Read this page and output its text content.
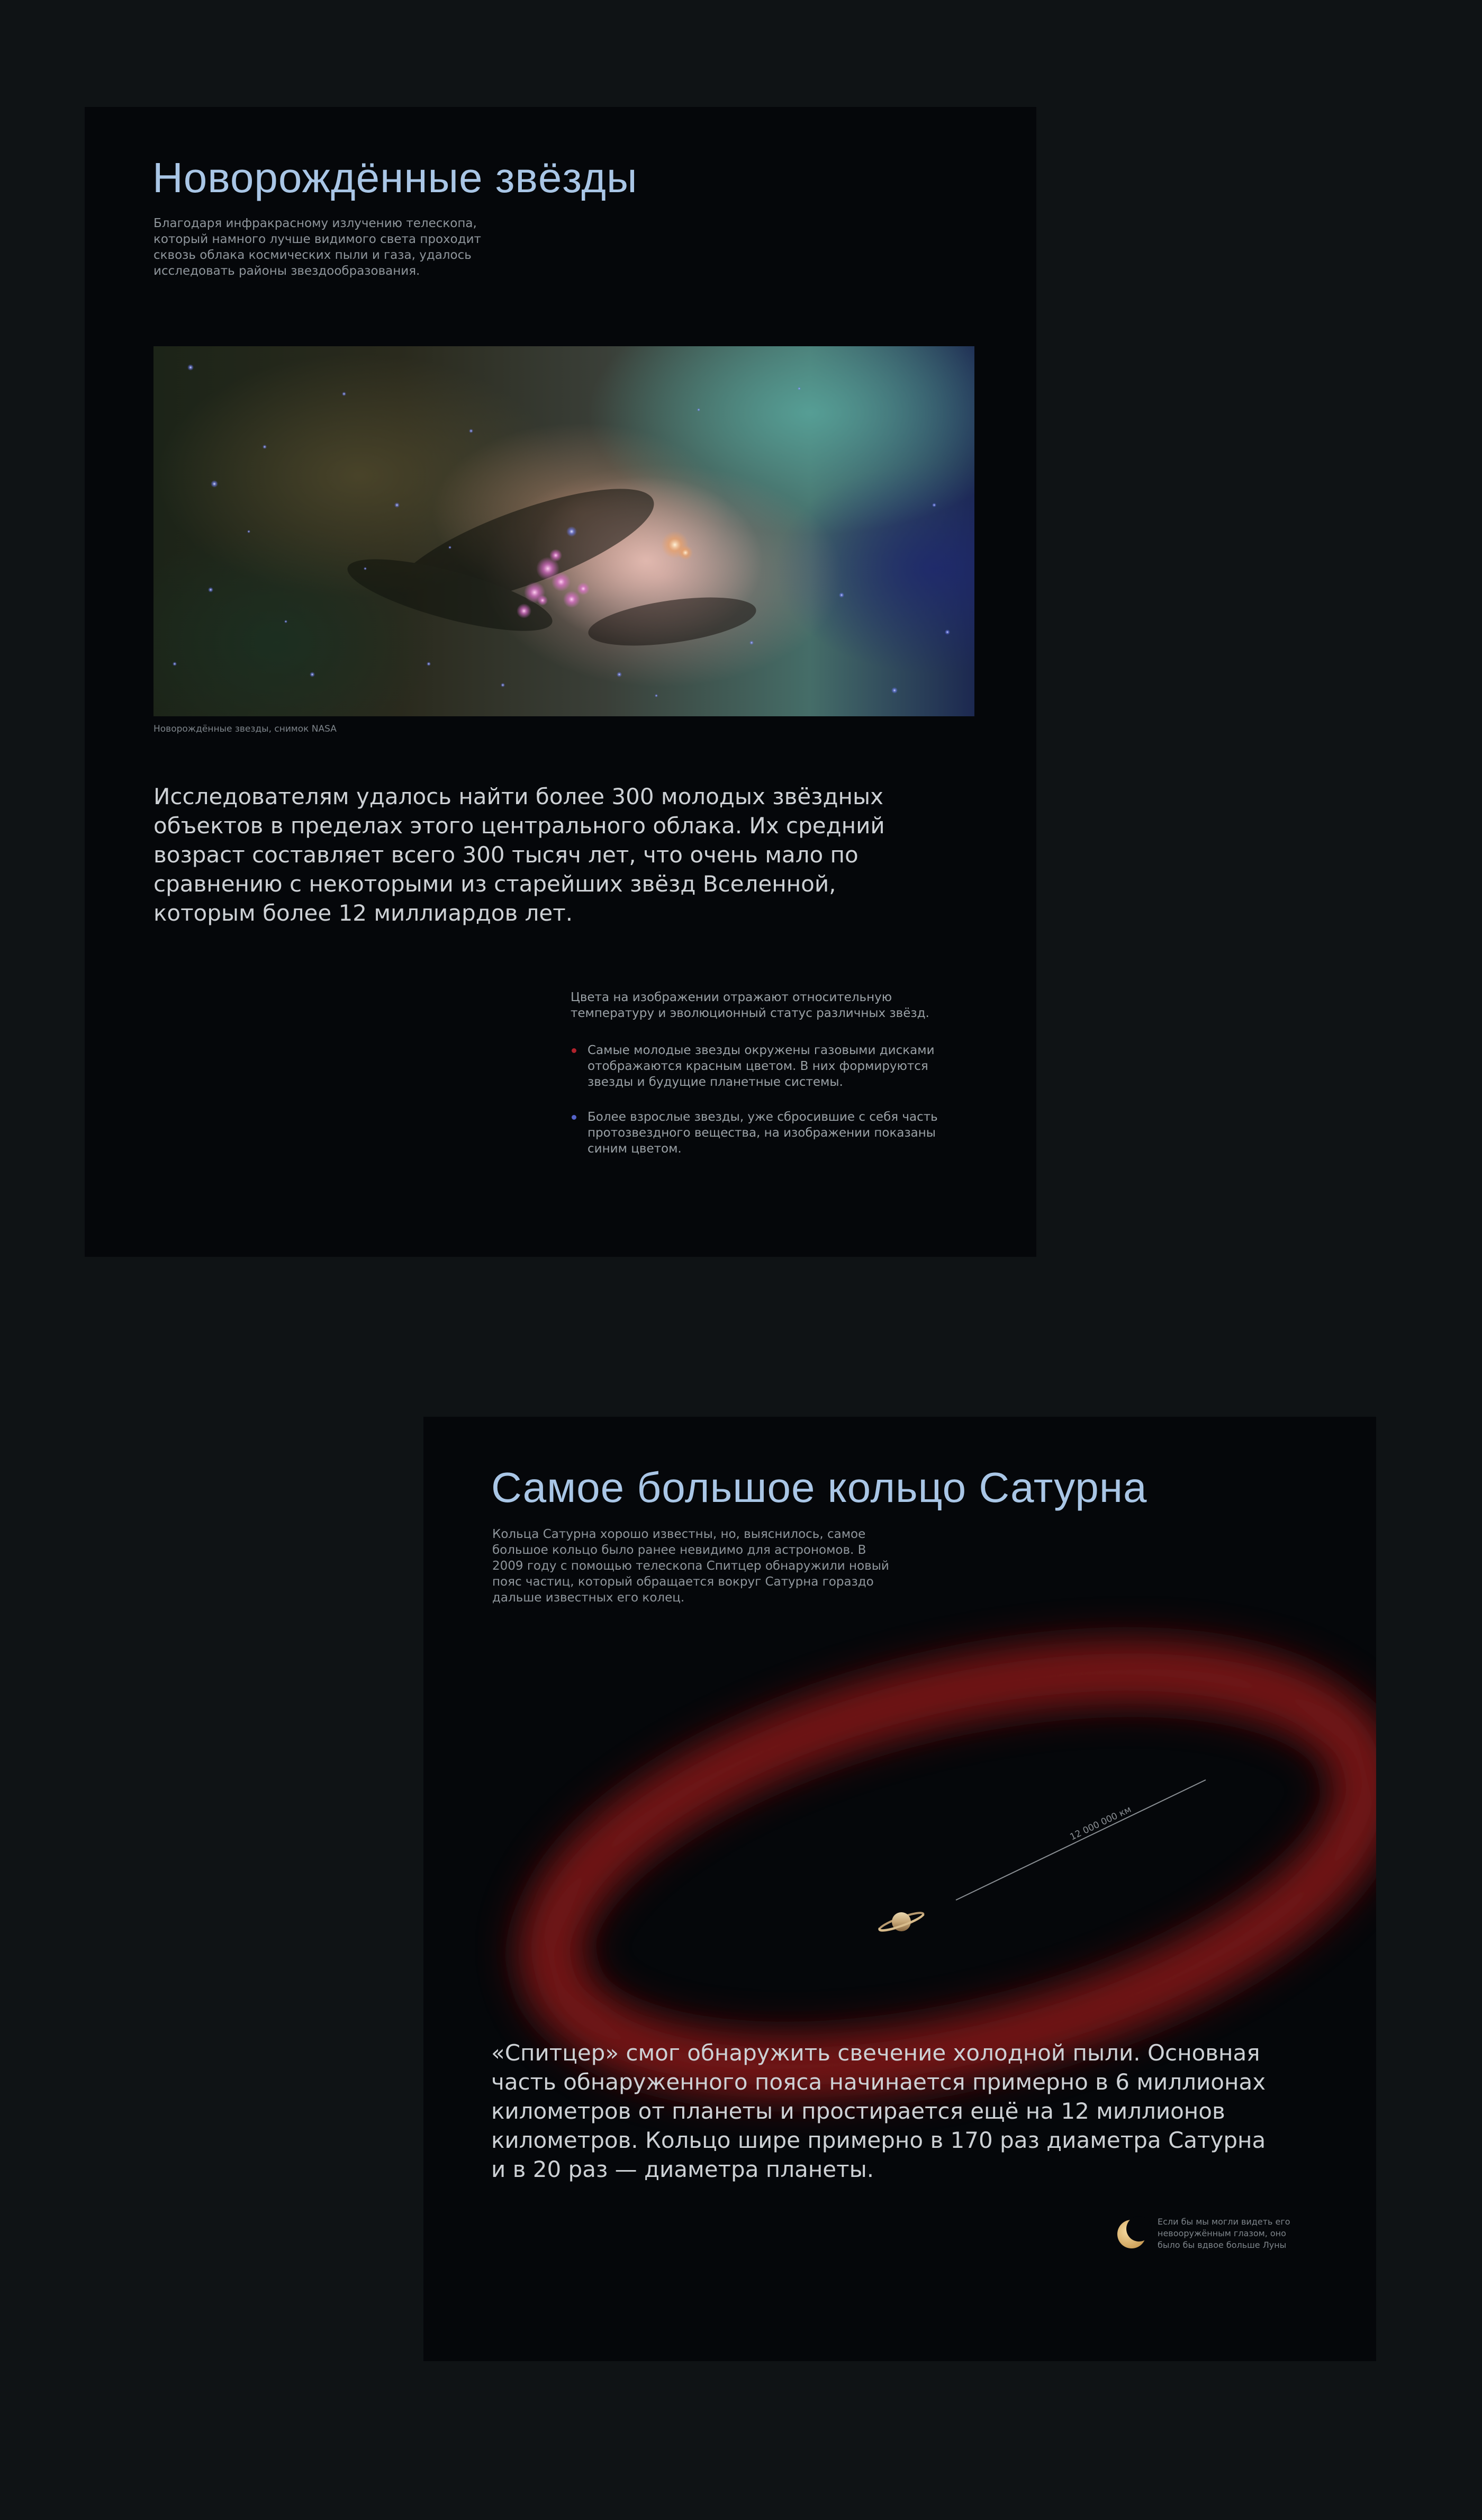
Новорождённые звёзды

Благодаря инфракрасному излучению телескопа, который намного лучше видимого света проходит сквозь облака космических пыли и газа, удалось исследовать районы звездообразования.

Новорождённые звезды, снимок NASA

Исследователям удалось найти более 300 молодых звёздных объектов в пределах этого центрального облака. Их средний возраст составляет всего 300 тысяч лет, что очень мало по сравнению с некоторыми из старейших звёзд Вселенной, которым более 12 миллиардов лет.

Цвета на изображении отражают относительную температуру и эволюционный статус различных звёзд.

Самые молодые звезды окружены газовыми дисками отображаются красным цветом. В них формируются звезды и будущие планетные системы.
Более взрослые звезды, уже сбросившие с себя часть протозвездного вещества, на изображении показаны синим цветом.
12 000 000 км
Самое большое кольцо Сатурна

Кольца Сатурна хорошо известны, но, выяснилось, самое большое кольцо было ранее невидимо для астрономов. В 2009 году с помощью телескопа Спитцер обнаружили новый пояс частиц, который обращается вокруг Сатурна гораздо дальше известных его колец.

«Спитцер» смог обнаружить свечение холодной пыли. Основная часть обнаруженного пояса начинается примерно в 6 миллионах километров от планеты и простирается ещё на 12 миллионов километров. Кольцо шире примерно в 170 раз диаметра Сатурна и в 20 раз — диаметра планеты.

Если бы мы могли видеть его невооружённым глазом, оно было бы вдвое больше Луны
